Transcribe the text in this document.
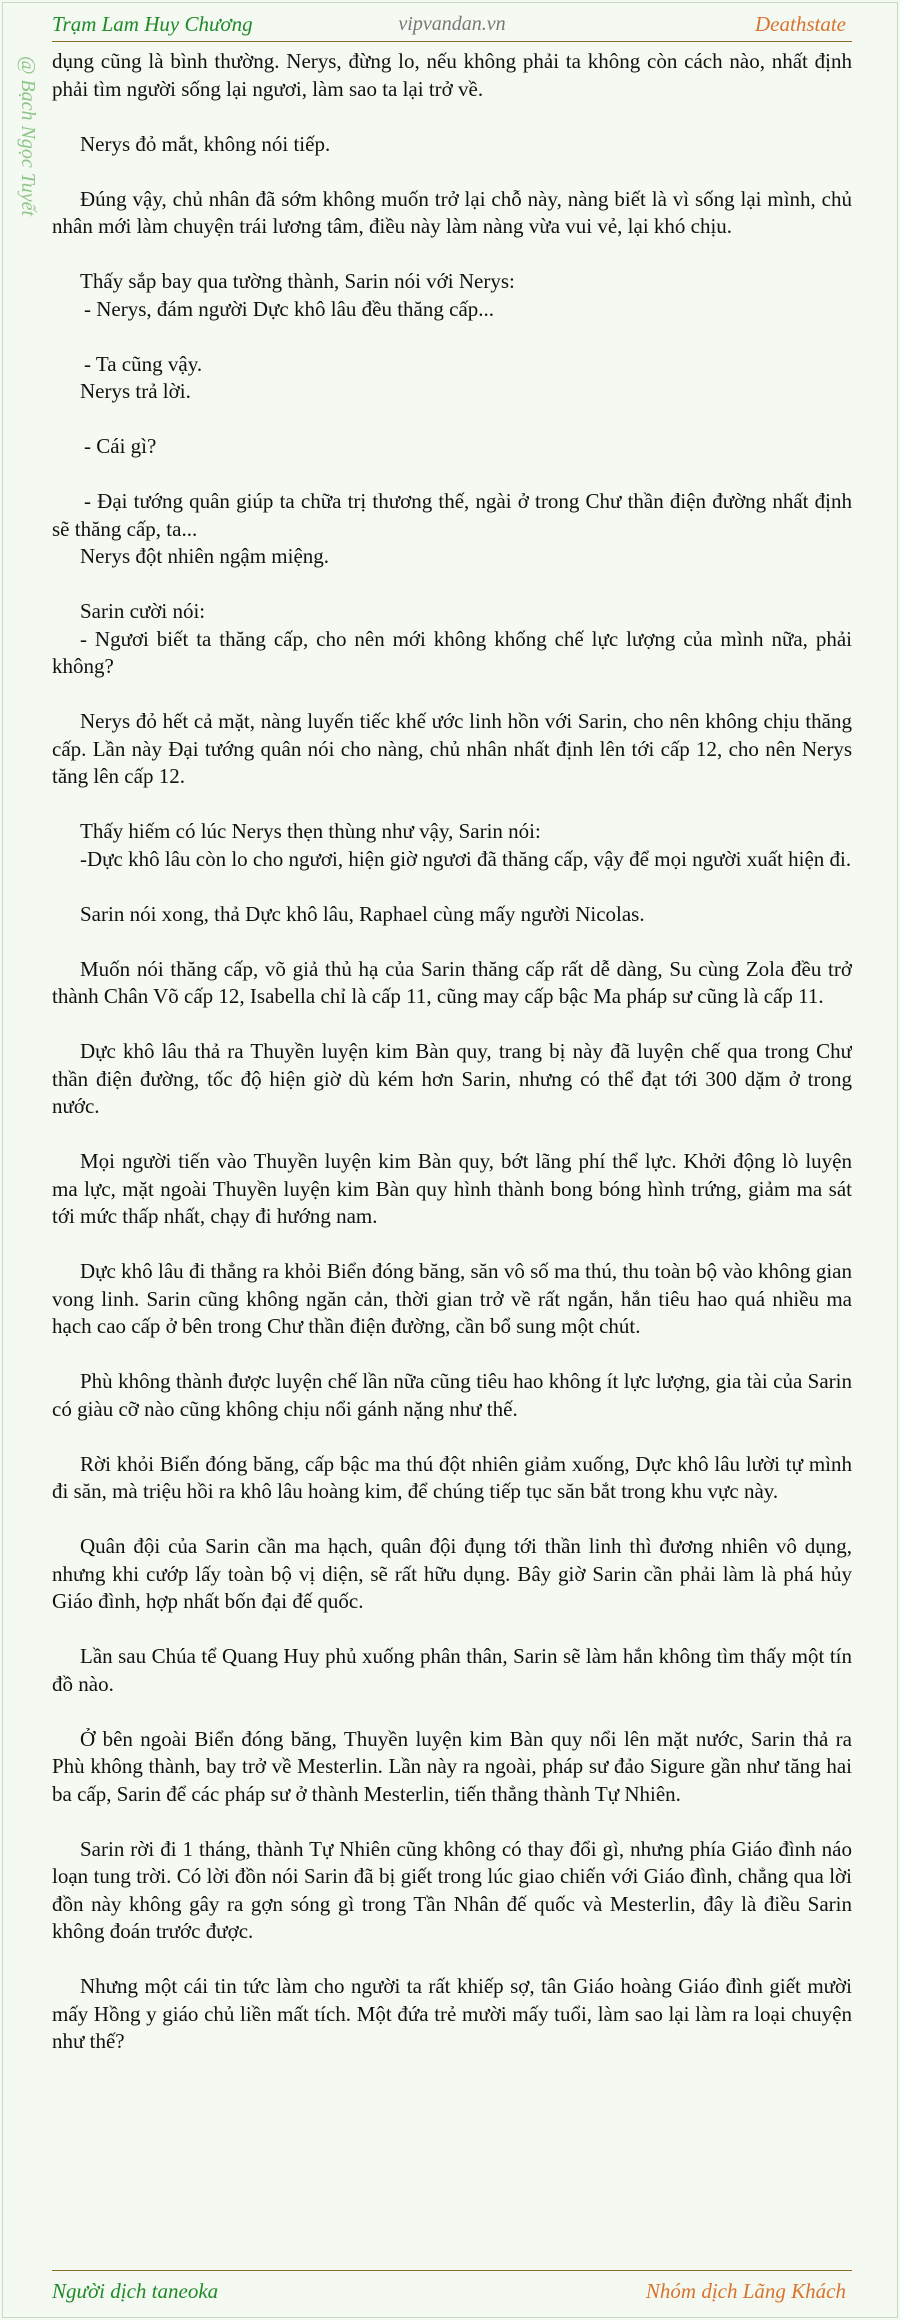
Trạm Lam Huy Chương	vipvandan.vn	Deathstate
@ Bạch Ngọc Tuyết dụng cũng là bình thường. Nerys, đừng lo, nếu không phải ta không còn cách nào, nhất định phải tìm người sống lại ngươi, làm sao ta lại trở về.

Nerys đỏ mắt, không nói tiếp.

Đúng vậy, chủ nhân đã sớm không muốn trở lại chỗ này, nàng biết là vì sống lại mình, chủ nhân mới làm chuyện trái lương tâm, điều này làm nàng vừa vui vẻ, lại khó chịu.

Thấy sắp bay qua tường thành, Sarin nói với Nerys:
- Nerys, đám người Dực khô lâu đều thăng cấp...
- Ta cũng vậy.
Nerys trả lời.
- Cái gì?
- Đại tướng quân giúp ta chữa trị thương thế, ngài ở trong Chư thần điện đường nhất định sẽ thăng cấp, ta...
Nerys đột nhiên ngậm miệng.
Sarin cười nói:
- Ngươi biết ta thăng cấp, cho nên mới không khống chế lực lượng của mình nữa, phải không?

Nerys đỏ hết cả mặt, nàng luyến tiếc khế ước linh hồn với Sarin, cho nên không chịu thăng cấp. Lần này Đại tướng quân nói cho nàng, chủ nhân nhất định lên tới cấp 12, cho nên Nerys tăng lên cấp 12.

Thấy hiếm có lúc Nerys thẹn thùng như vậy, Sarin nói:
-Dực khô lâu còn lo cho ngươi, hiện giờ ngươi đã thăng cấp, vậy để mọi người xuất hiện đi.

Sarin nói xong, thả Dực khô lâu, Raphael cùng mấy người Nicolas.

Muốn nói thăng cấp, võ giả thủ hạ của Sarin thăng cấp rất dễ dàng, Su cùng Zola đều trở thành Chân Võ cấp 12, Isabella chỉ là cấp 11, cũng may cấp bậc Ma pháp sư cũng là cấp 11.

Dực khô lâu thả ra Thuyền luyện kim Bàn quy, trang bị này đã luyện chế qua trong Chư thần điện đường, tốc độ hiện giờ dù kém hơn Sarin, nhưng có thể đạt tới 300 dặm ở trong nước.

Mọi người tiến vào Thuyền luyện kim Bàn quy, bớt lãng phí thể lực. Khởi động lò luyện ma lực, mặt ngoài Thuyền luyện kim Bàn quy hình thành bong bóng hình trứng, giảm ma sát tới mức thấp nhất, chạy đi hướng nam.

Dực khô lâu đi thẳng ra khỏi Biển đóng băng, săn vô số ma thú, thu toàn bộ vào không gian vong linh. Sarin cũng không ngăn cản, thời gian trở về rất ngắn, hắn tiêu hao quá nhiều ma hạch cao cấp ở bên trong Chư thần điện đường, cần bổ sung một chút.

Phù không thành được luyện chế lần nữa cũng tiêu hao không ít lực lượng, gia tài của Sarin có giàu cỡ nào cũng không chịu nổi gánh nặng như thế.

Rời khỏi Biển đóng băng, cấp bậc ma thú đột nhiên giảm xuống, Dực khô lâu lười tự mình đi săn, mà triệu hồi ra khô lâu hoàng kim, để chúng tiếp tục săn bắt trong khu vực này.

Quân đội của Sarin cần ma hạch, quân đội đụng tới thần linh thì đương nhiên vô dụng, nhưng khi cướp lấy toàn bộ vị diện, sẽ rất hữu dụng. Bây giờ Sarin cần phải làm là phá hủy Giáo đình, hợp nhất bốn đại đế quốc.

Lần sau Chúa tể Quang Huy phủ xuống phân thân, Sarin sẽ làm hắn không tìm thấy một tín đồ nào.

Ở bên ngoài Biển đóng băng, Thuyền luyện kim Bàn quy nổi lên mặt nước, Sarin thả ra Phù không thành, bay trở về Mesterlin. Lần này ra ngoài, pháp sư đảo Sigure gần như tăng hai ba cấp, Sarin để các pháp sư ở thành Mesterlin, tiến thẳng thành Tự Nhiên.

Sarin rời đi 1 tháng, thành Tự Nhiên cũng không có thay đổi gì, nhưng phía Giáo đình náo loạn tung trời. Có lời đồn nói Sarin đã bị giết trong lúc giao chiến với Giáo đình, chẳng qua lời đồn này không gây ra gợn sóng gì trong Tần Nhân đế quốc và Mesterlin, đây là điều Sarin không đoán trước được.

Nhưng một cái tin tức làm cho người ta rất khiếp sợ, tân Giáo hoàng Giáo đình giết mười mấy Hồng y giáo chủ liền mất tích. Một đứa trẻ mười mấy tuổi, làm sao lại làm ra loại chuyện như thế?

Người dịch taneoka	Nhóm dịch Lãng Khách
